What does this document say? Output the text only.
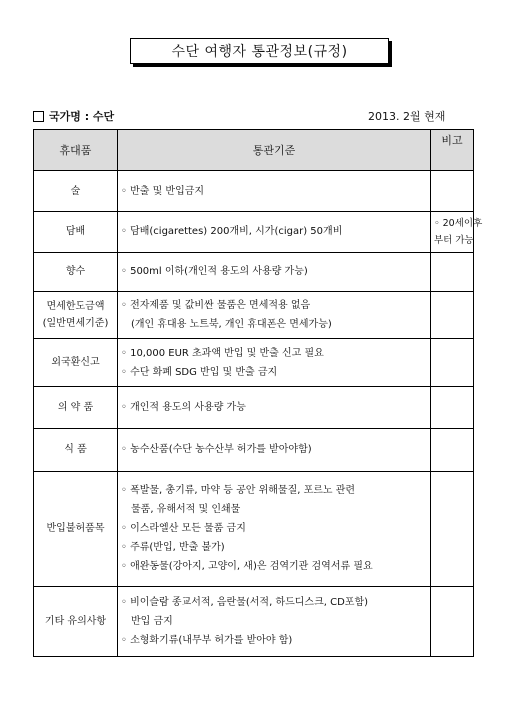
수단 여행자 통관정보(규정)
국가명 : 수단	2013. 2월 현재
휴대품	통관기준	비고

술	◦ 반출 및 반입금지	

담배	◦ 담배(cigarettes) 200개비, 시가(cigar) 50개비	◦ 20세이후
부터 가능

향수	◦ 500ml 이하(개인적 용도의 사용량 가능)	

면세한도금액
(일반면세기준)	◦ 전자제품 및 값비싼 물품은 면세적용 없음
(개인 휴대용 노트북, 개인 휴대폰은 면세가능)	

외국환신고	◦ 10,000 EUR 초과액 반입 및 반출 신고 필요
◦ 수단 화폐 SDG 반입 및 반출 금지	

의 약 품	◦ 개인적 용도의 사용량 가능	

식 품	◦ 농수산품(수단 농수산부 허가를 받아야함)	

반입불허품목	◦ 폭발물, 총기류, 마약 등 공안 위해물질, 포르노 관련
물품, 유해서적 및 인쇄물
◦ 이스라엘산 모든 물품 금지
◦ 주류(반입, 반출 불가)
◦ 애완동물(강아지, 고양이, 새)은 검역기관 검역서류 필요	

기타 유의사항	◦ 비이슬람 종교서적, 음란물(서적, 하드디스크, CD포함)
반입 금지
◦ 소형화기류(내무부 허가를 받아야 함)	
